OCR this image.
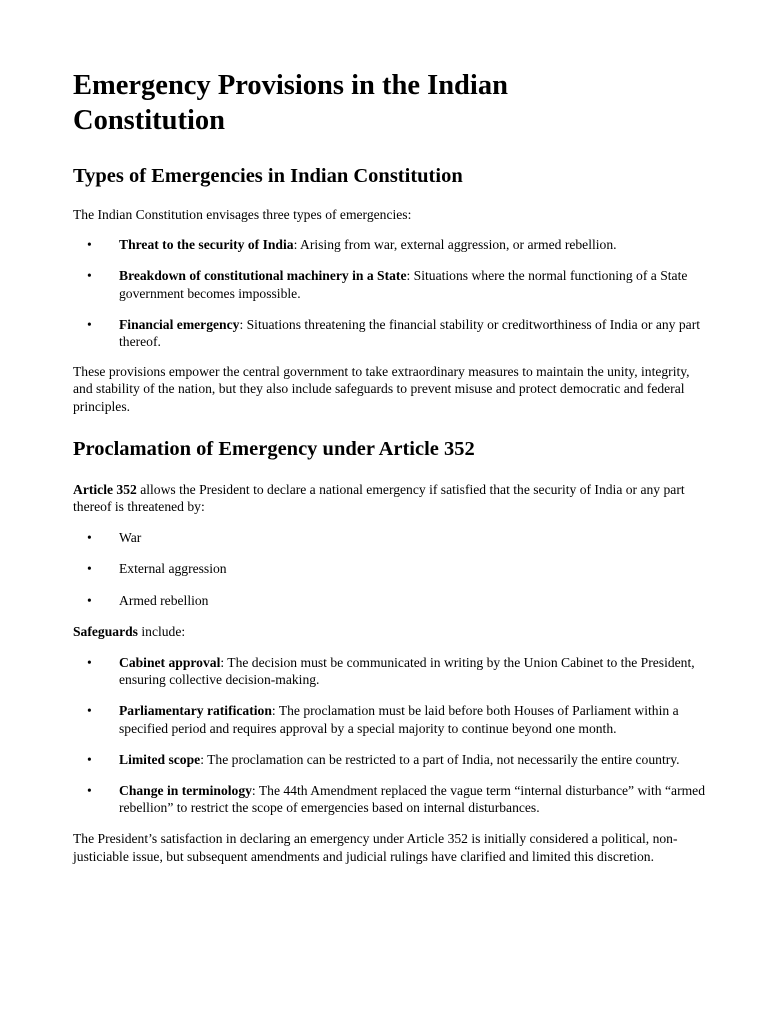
Emergency Provisions in the Indian Constitution
Types of Emergencies in Indian Constitution

The Indian Constitution envisages three types of emergencies:

• Threat to the security of India: Arising from war, external aggression, or armed rebellion.
• Breakdown of constitutional machinery in a State: Situations where the normal functioning of a State government becomes impossible.
• Financial emergency: Situations threatening the financial stability or creditworthiness of India or any part thereof.

These provisions empower the central government to take extraordinary measures to maintain the unity, integrity, and stability of the nation, but they also include safeguards to prevent misuse and protect democratic and federal principles.

Proclamation of Emergency under Article 352

Article 352 allows the President to declare a national emergency if satisfied that the security of India or any part thereof is threatened by:

• War
• External aggression
• Armed rebellion

Safeguards include:

• Cabinet approval: The decision must be communicated in writing by the Union Cabinet to the President, ensuring collective decision-making.
• Parliamentary ratification: The proclamation must be laid before both Houses of Parliament within a specified period and requires approval by a special majority to continue beyond one month.
• Limited scope: The proclamation can be restricted to a part of India, not necessarily the entire country.
• Change in terminology: The 44th Amendment replaced the vague term “internal disturbance” with “armed rebellion” to restrict the scope of emergencies based on internal disturbances.

The President’s satisfaction in declaring an emergency under Article 352 is initially considered a political, non-justiciable issue, but subsequent amendments and judicial rulings have clarified and limited this discretion.
